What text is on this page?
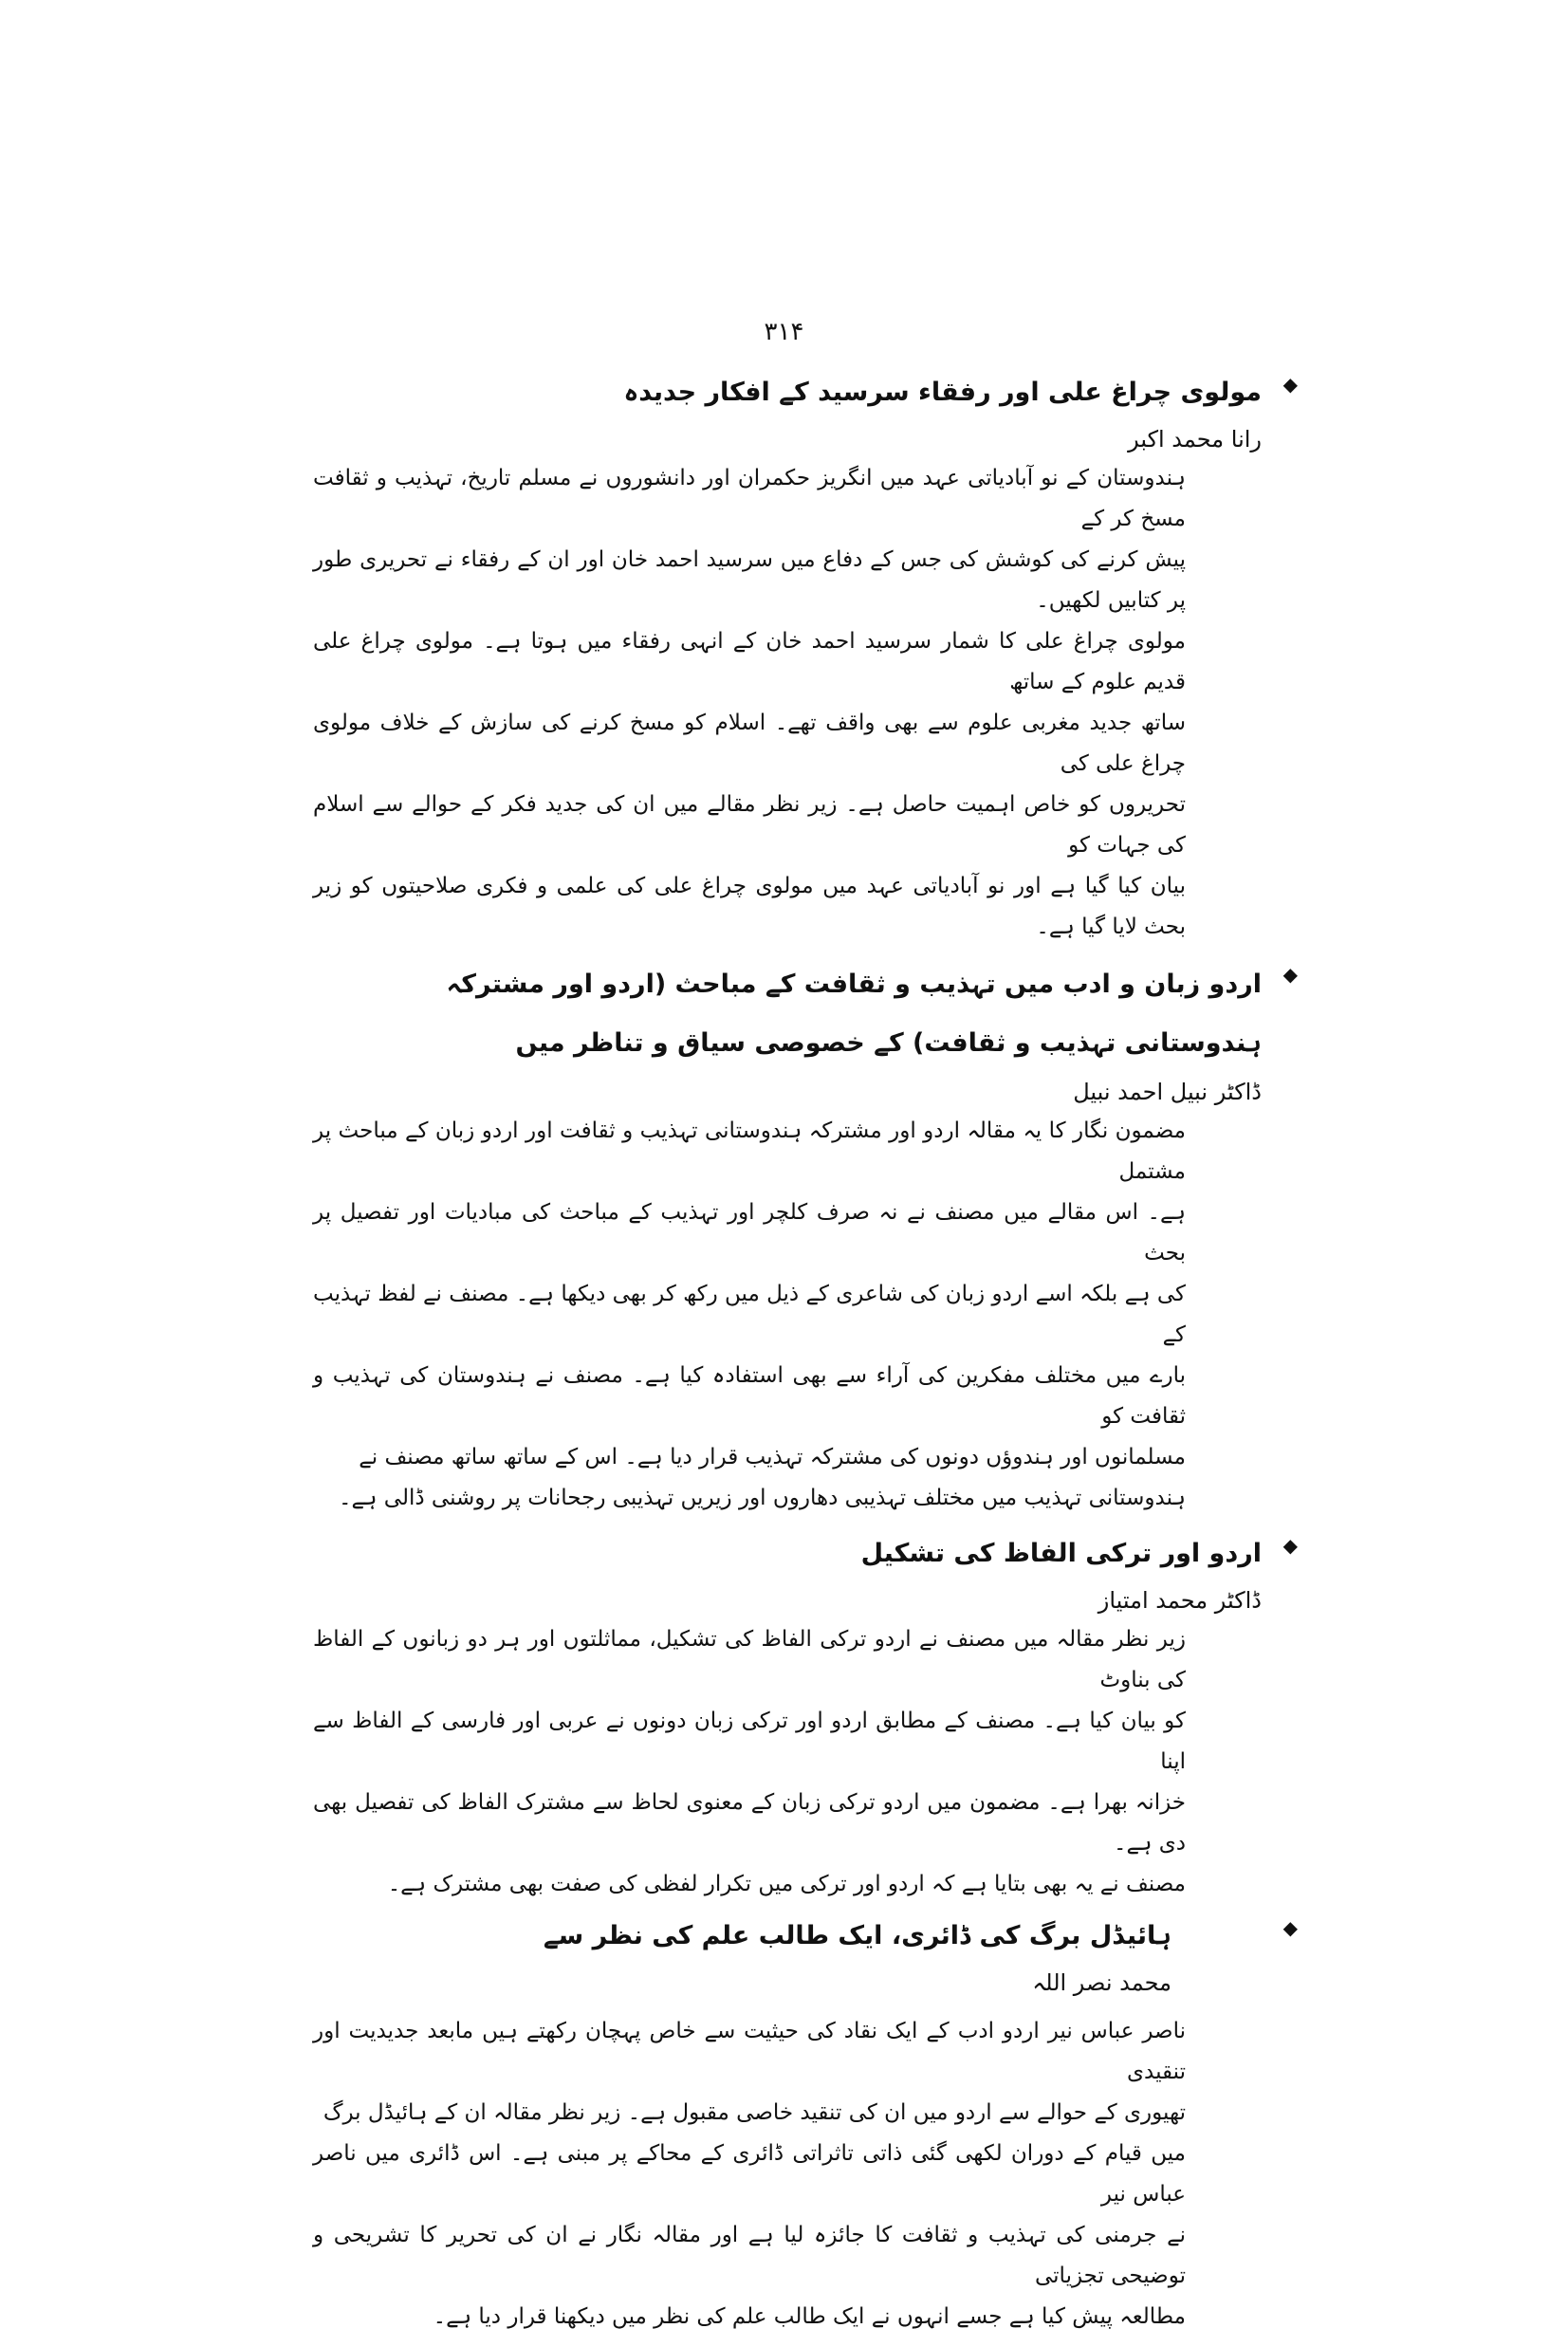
۳۱۴
◆

مولوی چراغ علی اور رفقاء سرسید کے افکار جدیدہ

رانا محمد اکبر

ہندوستان کے نو آبادیاتی عہد میں انگریز حکمران اور دانشوروں نے مسلم تاریخ، تہذیب و ثقافت مسخ کر کے
پیش کرنے کی کوشش کی جس کے دفاع میں سرسید احمد خان اور ان کے رفقاء نے تحریری طور پر کتابیں لکھیں۔
مولوی چراغ علی کا شمار سرسید احمد خان کے انہی رفقاء میں ہوتا ہے۔ مولوی چراغ علی قدیم علوم کے ساتھ
ساتھ جدید مغربی علوم سے بھی واقف تھے۔ اسلام کو مسخ کرنے کی سازش کے خلاف مولوی چراغ علی کی
تحریروں کو خاص اہمیت حاصل ہے۔ زیر نظر مقالے میں ان کی جدید فکر کے حوالے سے اسلام کی جہات کو
بیان کیا گیا ہے اور نو آبادیاتی عہد میں مولوی چراغ علی کی علمی و فکری صلاحیتوں کو زیر بحث لایا گیا ہے۔
◆

اردو زبان و ادب میں تہذیب و ثقافت کے مباحث (اردو اور مشترکہ ہندوستانی تہذیب و ثقافت) کے خصوصی سیاق و تناظر میں

ڈاکٹر نبیل احمد نبیل

مضمون نگار کا یہ مقالہ اردو اور مشترکہ ہندوستانی تہذیب و ثقافت اور اردو زبان کے مباحث پر مشتمل
ہے۔ اس مقالے میں مصنف نے نہ صرف کلچر اور تہذیب کے مباحث کی مبادیات اور تفصیل پر بحث
کی ہے بلکہ اسے اردو زبان کی شاعری کے ذیل میں رکھ کر بھی دیکھا ہے۔ مصنف نے لفظ تہذیب کے
بارے میں مختلف مفکرین کی آراء سے بھی استفادہ کیا ہے۔ مصنف نے ہندوستان کی تہذیب و ثقافت کو
مسلمانوں اور ہندوؤں دونوں کی مشترکہ تہذیب قرار دیا ہے۔ اس کے ساتھ ساتھ مصنف نے
ہندوستانی تہذیب میں مختلف تہذیبی دھاروں اور زیریں تہذیبی رجحانات پر روشنی ڈالی ہے۔
◆

اردو اور ترکی الفاظ کی تشکیل

ڈاکٹر محمد امتیاز

زیر نظر مقالہ میں مصنف نے اردو ترکی الفاظ کی تشکیل، مماثلتوں اور ہر دو زبانوں کے الفاظ کی بناوٹ
کو بیان کیا ہے۔ مصنف کے مطابق اردو اور ترکی زبان دونوں نے عربی اور فارسی کے الفاظ سے اپنا
خزانہ بھرا ہے۔ مضمون میں اردو ترکی زبان کے معنوی لحاظ سے مشترک الفاظ کی تفصیل بھی دی ہے۔
مصنف نے یہ بھی بتایا ہے کہ اردو اور ترکی میں تکرار لفظی کی صفت بھی مشترک ہے۔
◆

ہائیڈل برگ کی ڈائری، ایک طالب علم کی نظر سے

محمد نصر اللہ

ناصر عباس نیر اردو ادب کے ایک نقاد کی حیثیت سے خاص پہچان رکھتے ہیں مابعد جدیدیت اور تنقیدی
تھیوری کے حوالے سے اردو میں ان کی تنقید خاصی مقبول ہے۔ زیر نظر مقالہ ان کے ہائیڈل برگ
میں قیام کے دوران لکھی گئی ذاتی تاثراتی ڈائری کے محاکے پر مبنی ہے۔ اس ڈائری میں ناصر عباس نیر
نے جرمنی کی تہذیب و ثقافت کا جائزہ لیا ہے اور مقالہ نگار نے ان کی تحریر کا تشریحی و توضیحی تجزیاتی
مطالعہ پیش کیا ہے جسے انہوں نے ایک طالب علم کی نظر میں دیکھنا قرار دیا ہے۔
